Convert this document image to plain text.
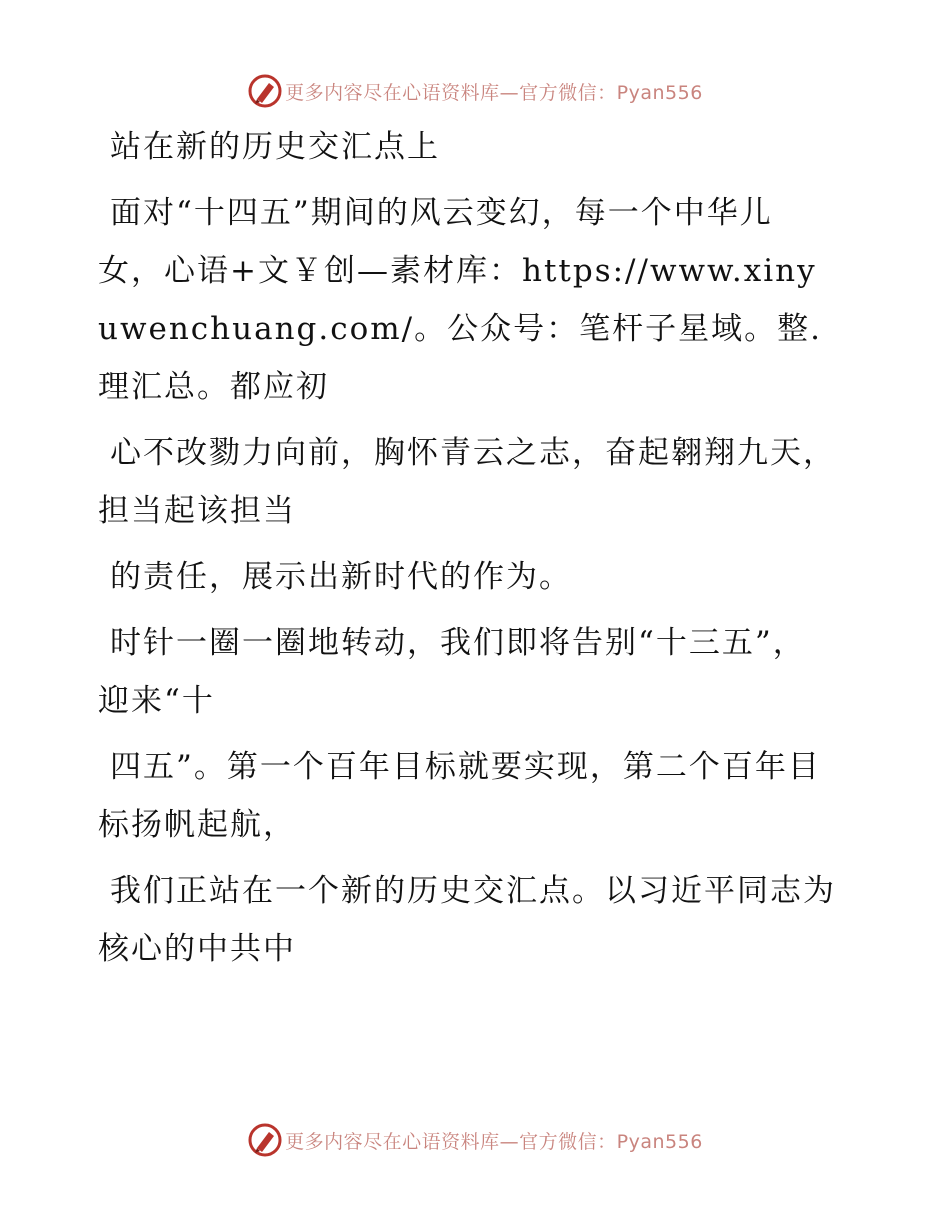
更多内容尽在心语资料库—官方微信：Pyan556

站在新的历史交汇点上

面对“十四五”期间的风云变幻，每一个中华儿女，心语+文￥创—素材库：https://www.xinyuwenchuang.com/。公众号：笔杆子星域。整.理汇总。都应初

心不改勠力向前，胸怀青云之志，奋起翱翔九天，担当起该担当

的责任，展示出新时代的作为。

时针一圈一圈地转动，我们即将告别“十三五”，迎来“十

四五”。第一个百年目标就要实现，第二个百年目标扬帆起航，

我们正站在一个新的历史交汇点。以习近平同志为核心的中共中

更多内容尽在心语资料库—官方微信：Pyan556
